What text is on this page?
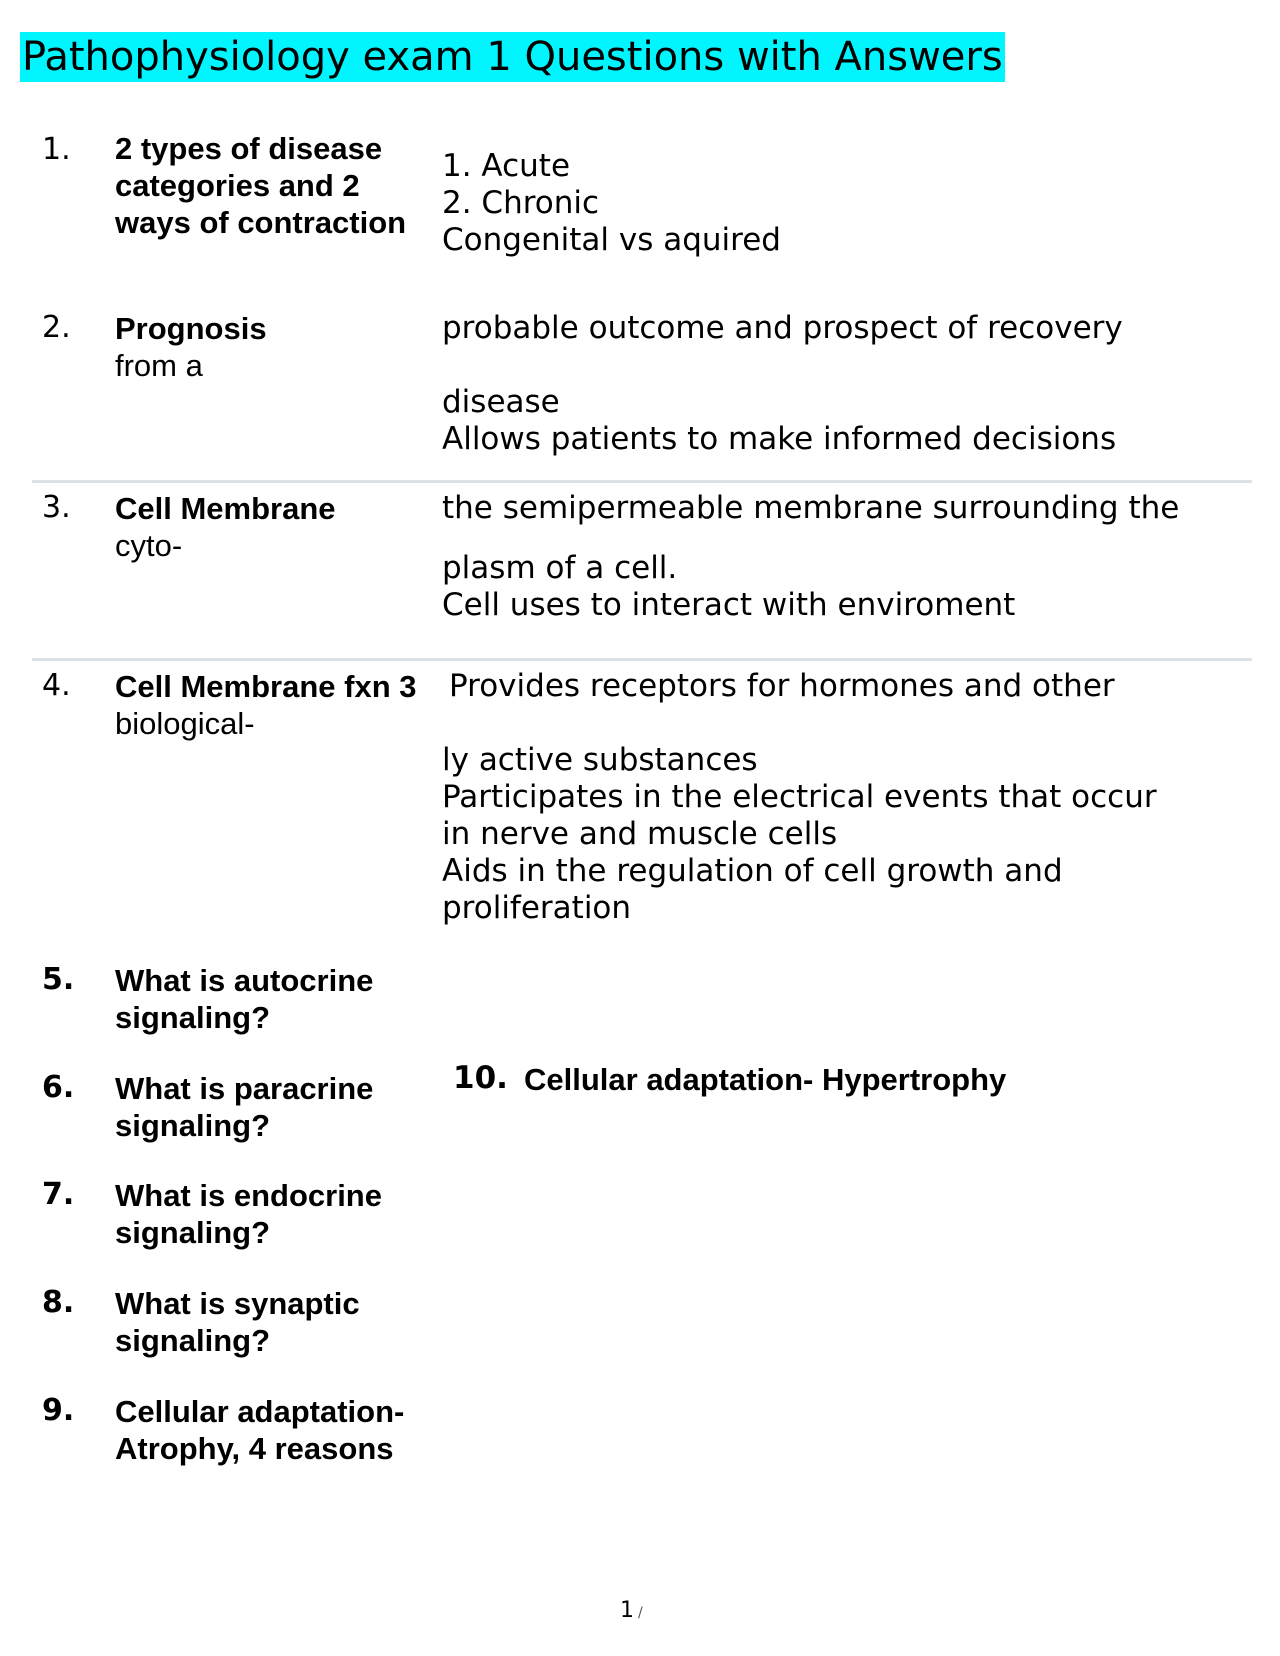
Pathophysiology exam 1 Questions with Answers
1. 2 types of disease categories and 2 ways of contraction
1. Acute
2. Chronic
Congenital vs aquired
2. Prognosis
from a
probable outcome and prospect of recovery
disease
Allows patients to make informed decisions
3. Cell Membrane
cyto-
the semipermeable membrane surrounding the
plasm of a cell.
Cell uses to interact with enviroment
4. Cell Membrane fxn 3
biological-
Provides receptors for hormones and other
ly active substances
Participates in the electrical events that occur
in nerve and muscle cells
Aids in the regulation of cell growth and
proliferation
5. What is autocrine signaling?
6. What is paracrine signaling?
7. What is endocrine signaling?
8. What is synaptic signaling?
9. Cellular adaptation- Atrophy, 4 reasons
10. Cellular adaptation- Hypertrophy
1 /
